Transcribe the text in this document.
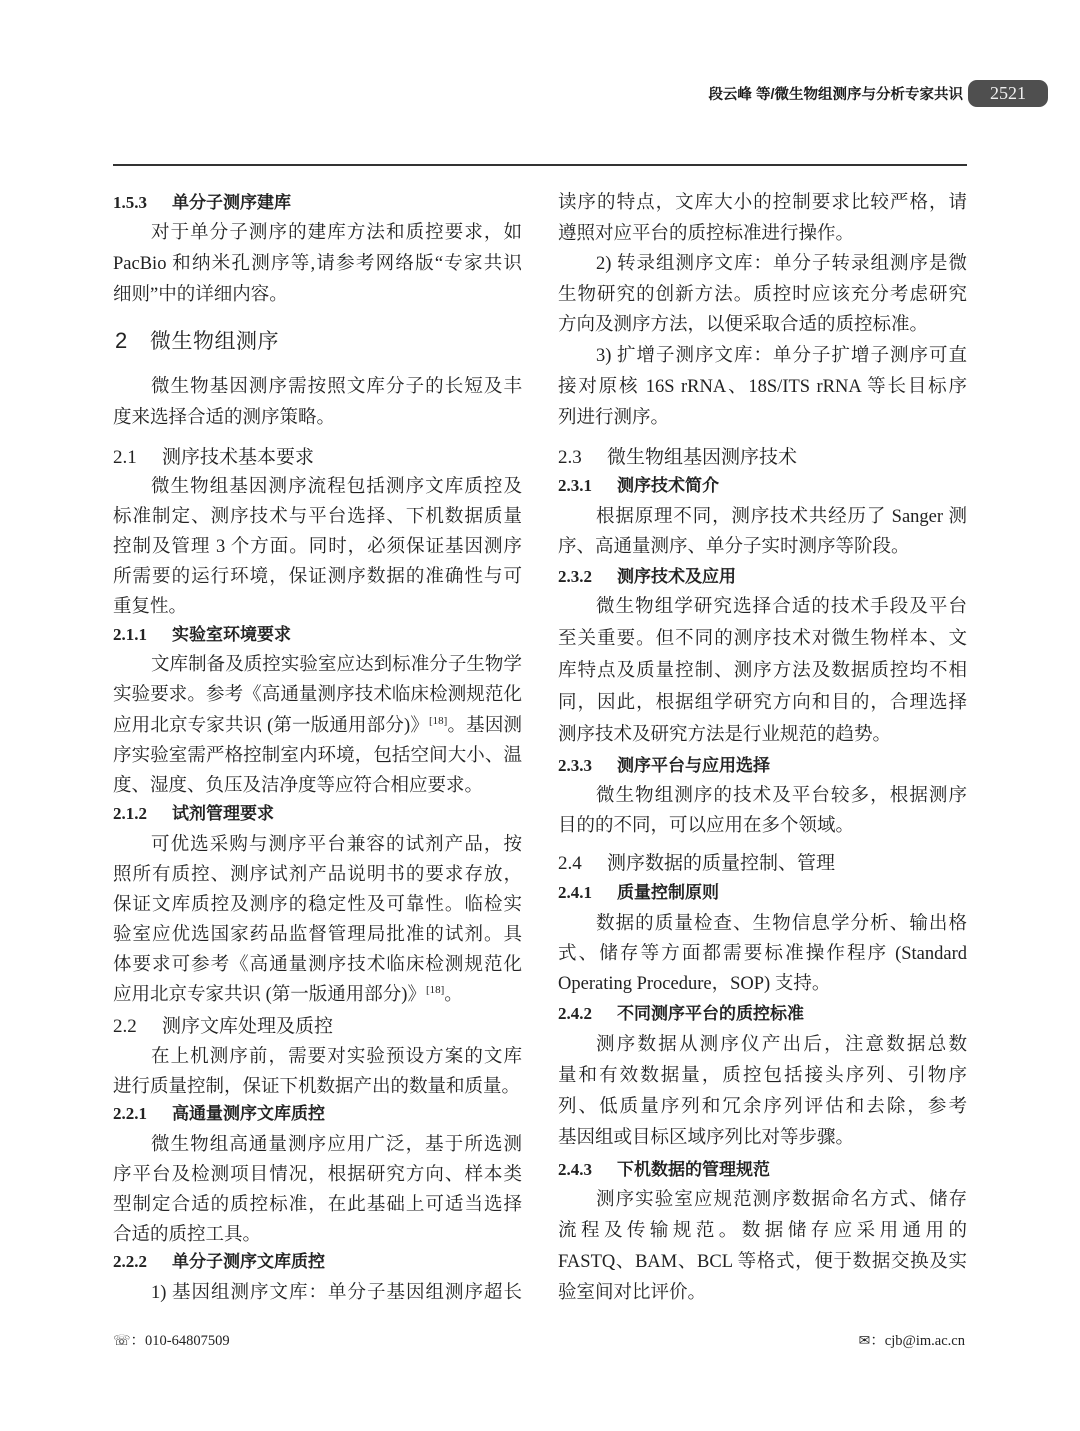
段云峰 等/微生物组测序与分析专家共识	2521
1.5.3 单分子测序建库
对于单分子测序的建库方法和质控要求，如
PacBio 和纳米孔测序等,请参考网络版“专家共识
细则”中的详细内容。
2 微生物组测序
微生物基因测序需按照文库分子的长短及丰
度来选择合适的测序策略。
2.1 测序技术基本要求
微生物组基因测序流程包括测序文库质控及
标准制定、测序技术与平台选择、下机数据质量
控制及管理 3 个方面。同时，必须保证基因测序
所需要的运行环境，保证测序数据的准确性与可
重复性。
2.1.1 实验室环境要求
文库制备及质控实验室应达到标准分子生物学
实验要求。参考《高通量测序技术临床检测规范化
应用北京专家共识 (第一版通用部分)》[18]。基因测
序实验室需严格控制室内环境，包括空间大小、温
度、湿度、负压及洁净度等应符合相应要求。
2.1.2 试剂管理要求
可优选采购与测序平台兼容的试剂产品，按
照所有质控、测序试剂产品说明书的要求存放，
保证文库质控及测序的稳定性及可靠性。临检实
验室应优选国家药品监督管理局批准的试剂。具
体要求可参考《高通量测序技术临床检测规范化
应用北京专家共识 (第一版通用部分)》[18]。
2.2 测序文库处理及质控
在上机测序前，需要对实验预设方案的文库
进行质量控制，保证下机数据产出的数量和质量。
2.2.1 高通量测序文库质控
微生物组高通量测序应用广泛，基于所选测
序平台及检测项目情况，根据研究方向、样本类
型制定合适的质控标准，在此基础上可适当选择
合适的质控工具。
2.2.2 单分子测序文库质控
1) 基因组测序文库：单分子基因组测序超长
读序的特点，文库大小的控制要求比较严格，请
遵照对应平台的质控标准进行操作。
2) 转录组测序文库：单分子转录组测序是微
生物研究的创新方法。质控时应该充分考虑研究
方向及测序方法，以便采取合适的质控标准。
3) 扩增子测序文库：单分子扩增子测序可直
接对原核 16S rRNA、18S/ITS rRNA 等长目标序
列进行测序。
2.3 微生物组基因测序技术
2.3.1 测序技术简介
根据原理不同，测序技术共经历了 Sanger 测
序、高通量测序、单分子实时测序等阶段。
2.3.2 测序技术及应用
微生物组学研究选择合适的技术手段及平台
至关重要。但不同的测序技术对微生物样本、文
库特点及质量控制、测序方法及数据质控均不相
同，因此，根据组学研究方向和目的，合理选择
测序技术及研究方法是行业规范的趋势。
2.3.3 测序平台与应用选择
微生物组测序的技术及平台较多，根据测序
目的的不同，可以应用在多个领域。
2.4 测序数据的质量控制、管理
2.4.1 质量控制原则
数据的质量检查、生物信息学分析、输出格
式、储存等方面都需要标准操作程序 (Standard
Operating Procedure，SOP) 支持。
2.4.2 不同测序平台的质控标准
测序数据从测序仪产出后，注意数据总数
量和有效数据量，质控包括接头序列、引物序
列、低质量序列和冗余序列评估和去除，参考
基因组或目标区域序列比对等步骤。
2.4.3 下机数据的管理规范
测序实验室应规范测序数据命名方式、储存
流程及传输规范。数据储存应采用通用的
FASTQ、BAM、BCL 等格式，便于数据交换及实
验室间对比评价。
☏：010-64807509	✉：cjb@im.ac.cn
